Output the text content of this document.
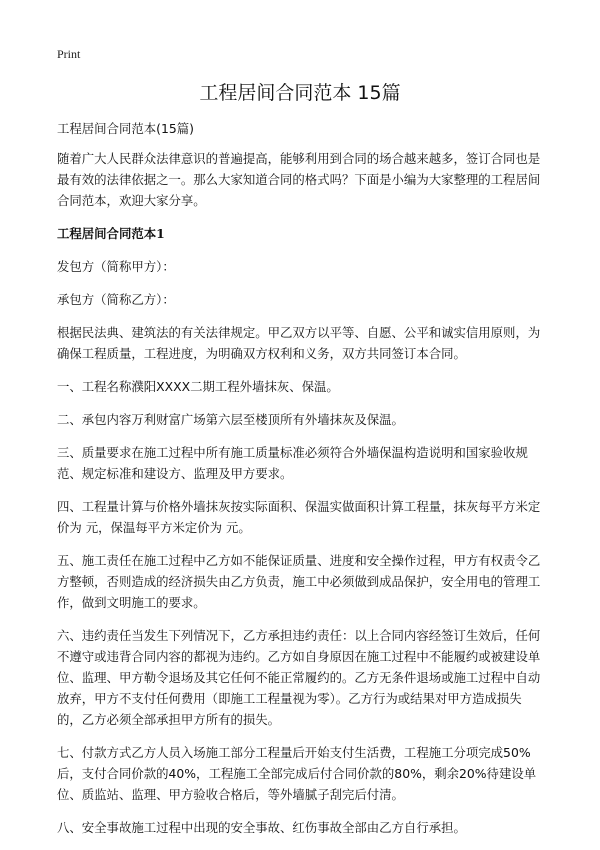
Print
工程居间合同范本 15篇

工程居间合同范本(15篇)

随着广大人民群众法律意识的普遍提高，能够利用到合同的场合越来越多，签订合同也是最有效的法律依据之一。那么大家知道合同的格式吗？下面是小编为大家整理的工程居间合同范本，欢迎大家分享。

工程居间合同范本1

发包方（简称甲方）：

承包方（简称乙方）：

根据民法典、建筑法的有关法律规定。甲乙双方以平等、自愿、公平和诚实信用原则，为确保工程质量，工程进度，为明确双方权利和义务，双方共同签订本合同。

一、工程名称濮阳XXXX二期工程外墙抹灰、保温。

二、承包内容万利财富广场第六层至楼顶所有外墙抹灰及保温。

三、质量要求在施工过程中所有施工质量标准必须符合外墙保温构造说明和国家验收规范、规定标准和建设方、监理及甲方要求。

四、工程量计算与价格外墙抹灰按实际面积、保温实做面积计算工程量，抹灰每平方米定价为 元，保温每平方米定价为 元。

五、施工责任在施工过程中乙方如不能保证质量、进度和安全操作过程，甲方有权责令乙方整顿，否则造成的经济损失由乙方负责，施工中必须做到成品保护，安全用电的管理工作，做到文明施工的要求。

六、违约责任当发生下列情况下，乙方承担违约责任：以上合同内容经签订生效后，任何不遵守或违背合同内容的都视为违约。乙方如自身原因在施工过程中不能履约或被建设单位、监理、甲方勒令退场及其它任何不能正常履约的。乙方无条件退场或施工过程中自动放弃，甲方不支付任何费用（即施工工程量视为零）。乙方行为或结果对甲方造成损失的，乙方必须全部承担甲方所有的损失。

七、付款方式乙方人员入场施工部分工程量后开始支付生活费，工程施工分项完成50%后，支付合同价款的40%，工程施工全部完成后付合同价款的80%，剩余20%待建设单位、质监站、监理、甲方验收合格后，等外墙腻子刮完后付清。

八、安全事故施工过程中出现的安全事故、红伤事故全部由乙方自行承担。
